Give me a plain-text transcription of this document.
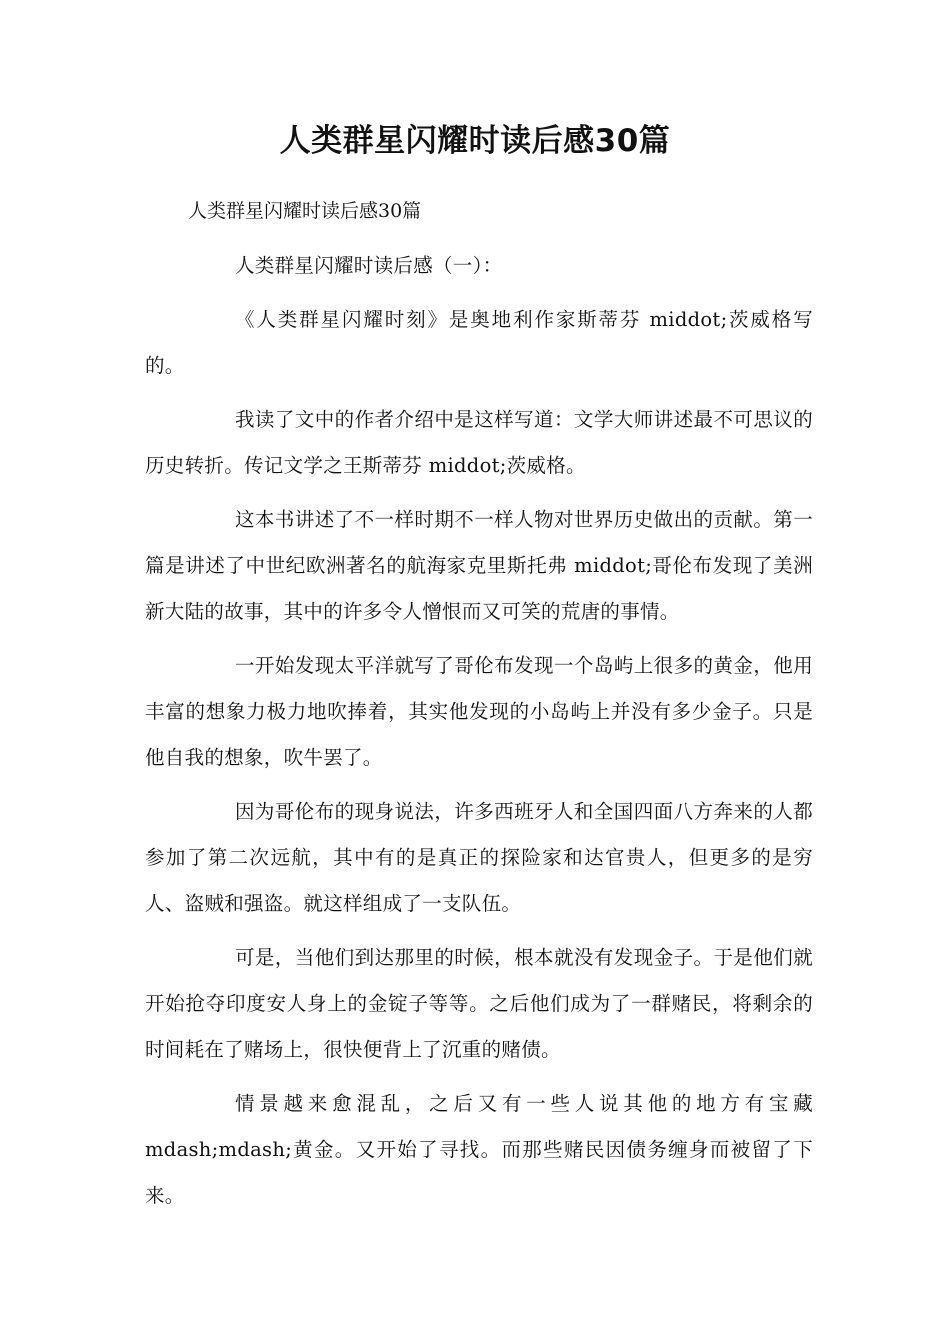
人类群星闪耀时读后感30篇

人类群星闪耀时读后感30篇

人类群星闪耀时读后感（一）：

《人类群星闪耀时刻》是奥地利作家斯蒂芬 middot;茨威格写的。

我读了文中的作者介绍中是这样写道：文学大师讲述最不可思议的历史转折。传记文学之王斯蒂芬 middot;茨威格。

这本书讲述了不一样时期不一样人物对世界历史做出的贡献。第一篇是讲述了中世纪欧洲著名的航海家克里斯托弗 middot;哥伦布发现了美洲新大陆的故事，其中的许多令人憎恨而又可笑的荒唐的事情。

一开始发现太平洋就写了哥伦布发现一个岛屿上很多的黄金，他用丰富的想象力极力地吹捧着，其实他发现的小岛屿上并没有多少金子。只是他自我的想象，吹牛罢了。

因为哥伦布的现身说法，许多西班牙人和全国四面八方奔来的人都参加了第二次远航，其中有的是真正的探险家和达官贵人，但更多的是穷人、盗贼和强盗。就这样组成了一支队伍。

可是，当他们到达那里的时候，根本就没有发现金子。于是他们就开始抢夺印度安人身上的金锭子等等。之后他们成为了一群赌民，将剩余的时间耗在了赌场上，很快便背上了沉重的赌债。

情景越来愈混乱，之后又有一些人说其他的地方有宝藏mdash;mdash;黄金。又开始了寻找。而那些赌民因债务缠身而被留了下来。
